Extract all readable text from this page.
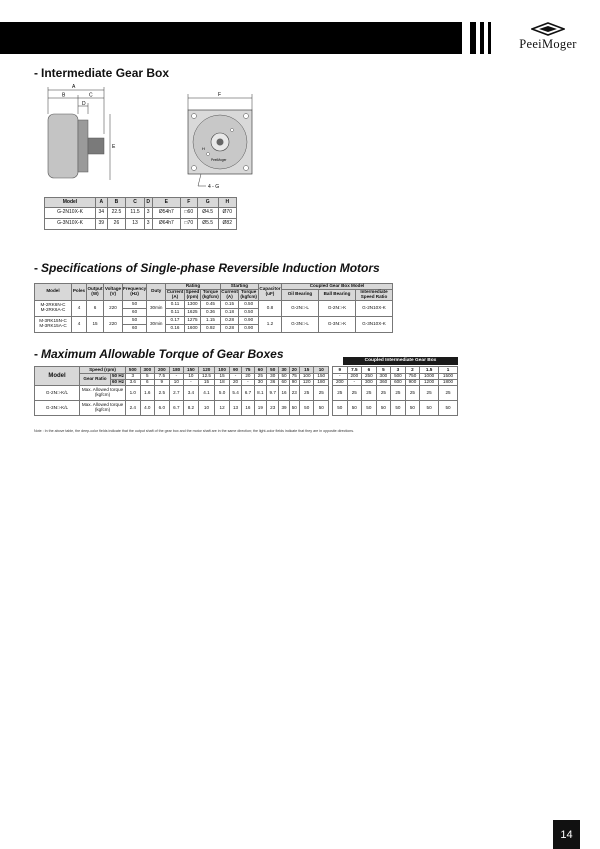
PeeiMoger
- Intermediate Gear Box
A
B	C
D
E
PeeiMoger
F
4 - G
H
Model	A	B	C	D	E	F	G	H
G-2N10X-K	34	22.5	11.5	3	Ø54h7	□60	Ø4.5	Ø70
G-3N10X-K	39	26	13	3	Ø64h7	□70	Ø5.5	Ø82
- Specifications of Single-phase Reversible Induction Motors
Model	Poles	Output (W)	Voltage (V)	Frequency (Hz)	Duty	Rating			Starting		Capacitor (uF)	Coupled Gear Box Model		
						Current (A)	Speed (rpm)	Torque (kgfcm)	Current (A)	Torque (kgfcm)		Oil Bearing	Ball Bearing	Intermediate Speed Ratio

M-2RK6N-C
M-2RK6A-C	4	6	220	50	30min	0.11	1300	0.45	0.15	0.50	0.8	G-2N□-L	G-2N□-K	G-2N10X-K
				60		0.11	1625	0.36	0.18	0.50				

M-3RK15N-C
M-3RK15A-C	4	15	220	50	30min	0.17	1275	1.15	0.28	0.90	1.2	G-3N□-L	G-3N□-K	G-3N10X-K
				60		0.16	1600	0.92	0.28	0.90				
- Maximum Allowable Torque of Gear Boxes	Coupled Intermediate Gear Box
Model	Speed (rpm)		500	300	200	180	150	120	100	90	75	60	50	30	20	15	10		9	7.5	6	5	3	2	1.5	1
	Gear Ratio	50 Hz	3	5	7.5	-	10	12.5	15	-	20	25	30	50	75	100	150		-	200	250	300	500	750	1000	1500
		60 Hz	3.6	6	9	10	-	15	18	20	-	30	36	60	90	120	180		200	-	300	360	600	900	1200	1800
G-2N□-K/L	Max. Allowed torque (kgfcm)		1.0	1.6	2.5	2.7	3.4	4.1	5.0	5.4	6.7	8.1	9.7	16	23	25	25		25	25	25	25	25	25	25	25
G-3N□-K/L	Max. Allowed torque (kgfcm)		2.4	4.0	6.0	6.7	8.2	10	12	13	16	19	23	39	50	50	50		50	50	50	50	50	50	50	50
Note : In the above table, the deep-color fields indicate that the output shaft of the gear box and the motor shaft are in the same direction; the light-color fields indicate that they are in opposite directions.
14
